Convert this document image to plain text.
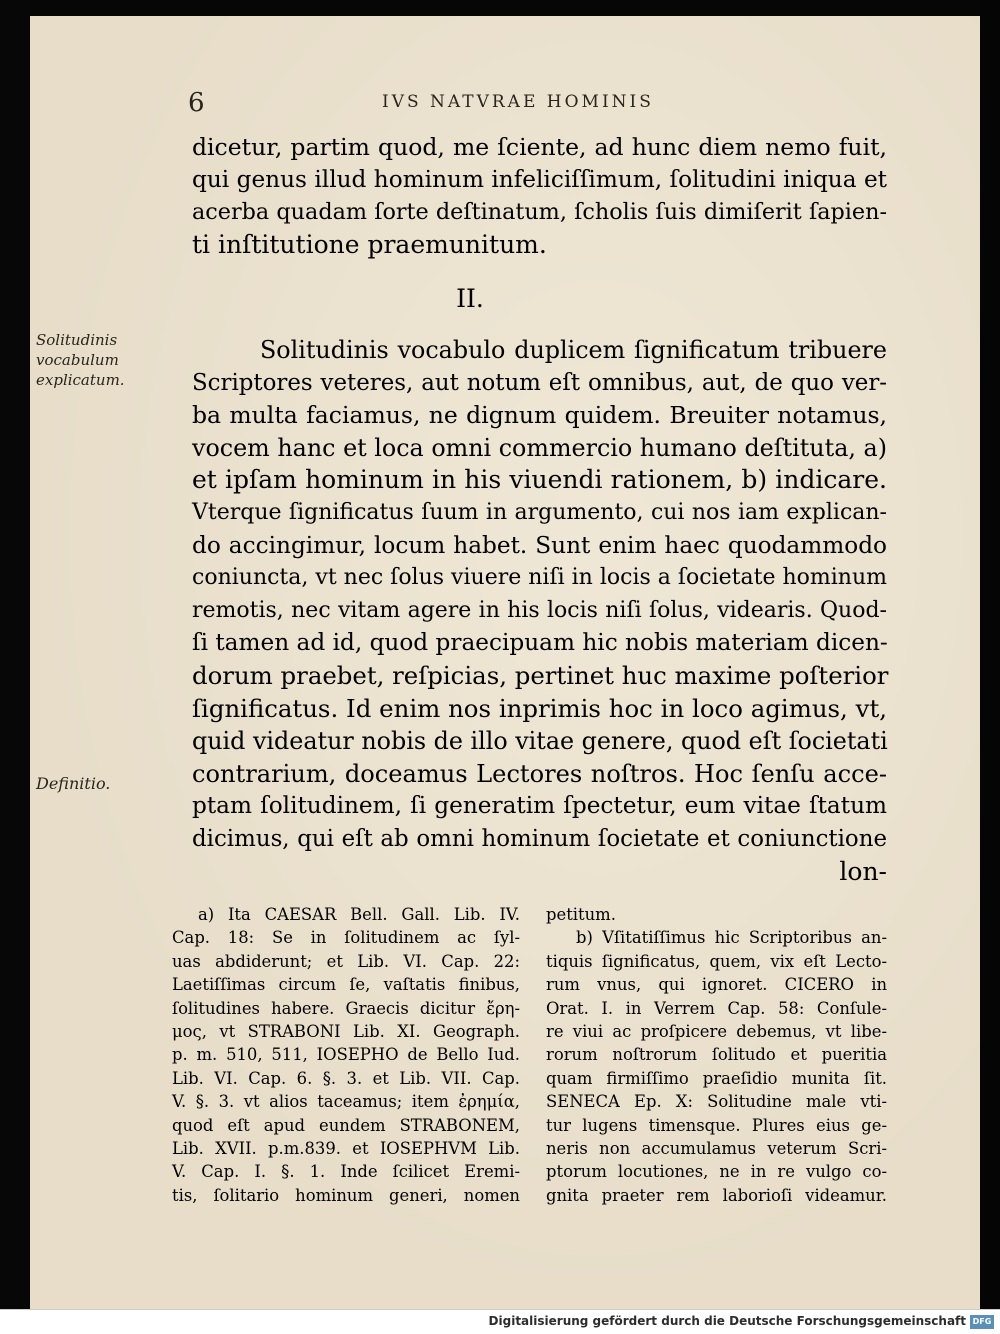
6	IVS NATVRAE HOMINIS
dicetur, partim quod, me ſciente, ad hunc diem nemo fuit,
qui genus illud hominum infeliciſſimum, ſolitudini iniqua et
acerba quadam ſorte deſtinatum, ſcholis ſuis dimiſerit ſapien-
ti inſtitutione praemunitum.
II.
Solitudinis
vocabulum
explicatum.
Definitio.
Solitudinis vocabulo duplicem ſignificatum tribuere
Scriptores veteres, aut notum eſt omnibus, aut, de quo ver-
ba multa faciamus, ne dignum quidem. Breuiter notamus,
vocem hanc et loca omni commercio humano deſtituta, a)
et ipſam hominum in his viuendi rationem, b) indicare.
Vterque ſignificatus ſuum in argumento, cui nos iam explican-
do accingimur, locum habet. Sunt enim haec quodammodo
coniuncta, vt nec ſolus viuere niſi in locis a ſocietate hominum
remotis, nec vitam agere in his locis niſi ſolus, videaris. Quod-
ſi tamen ad id, quod praecipuam hic nobis materiam dicen-
dorum praebet, reſpicias, pertinet huc maxime poſterior
ſignificatus. Id enim nos inprimis hoc in loco agimus, vt,
quid videatur nobis de illo vitae genere, quod eſt ſocietati
contrarium, doceamus Lectores noſtros. Hoc ſenſu acce-
ptam ſolitudinem, ſi generatim ſpectetur, eum vitae ſtatum
dicimus, qui eſt ab omni hominum ſocietate et coniunctione
lon-
a) Ita CAESAR Bell. Gall. Lib. IV.
Cap. 18: Se in ſolitudinem ac ſyl-
uas abdiderunt; et Lib. VI. Cap. 22:
Laetiſſimas circum ſe, vaſtatis finibus,
ſolitudines habere. Graecis dicitur ἔρη-
μος, vt STRABONI Lib. XI. Geograph.
p. m. 510, 511, IOSEPHO de Bello Iud.
Lib. VI. Cap. 6. §. 3. et Lib. VII. Cap.
V. §. 3. vt alios taceamus; item ἐρημία,
quod eſt apud eundem STRABONEM,
Lib. XVII. p.m.839. et IOSEPHVM Lib.
V. Cap. I. §. 1. Inde ſcilicet Eremi-
tis, ſolitario hominum generi, nomen
petitum.
b) Vſitatiſſimus hic Scriptoribus an-
tiquis ſignificatus, quem, vix eſt Lecto-
rum vnus, qui ignoret. CICERO in
Orat. I. in Verrem Cap. 58: Conſule-
re viui ac proſpicere debemus, vt libe-
rorum noſtrorum ſolitudo et pueritia
quam firmiſſimo praeſidio munita ſit.
SENECA Ep. X: Solitudine male vti-
tur lugens timensque. Plures eius ge-
neris non accumulamus veterum Scri-
ptorum locutiones, ne in re vulgo co-
gnita praeter rem laborioſi videamur.
Digitalisierung gefördert durch die Deutsche Forschungsgemeinschaft DFG
